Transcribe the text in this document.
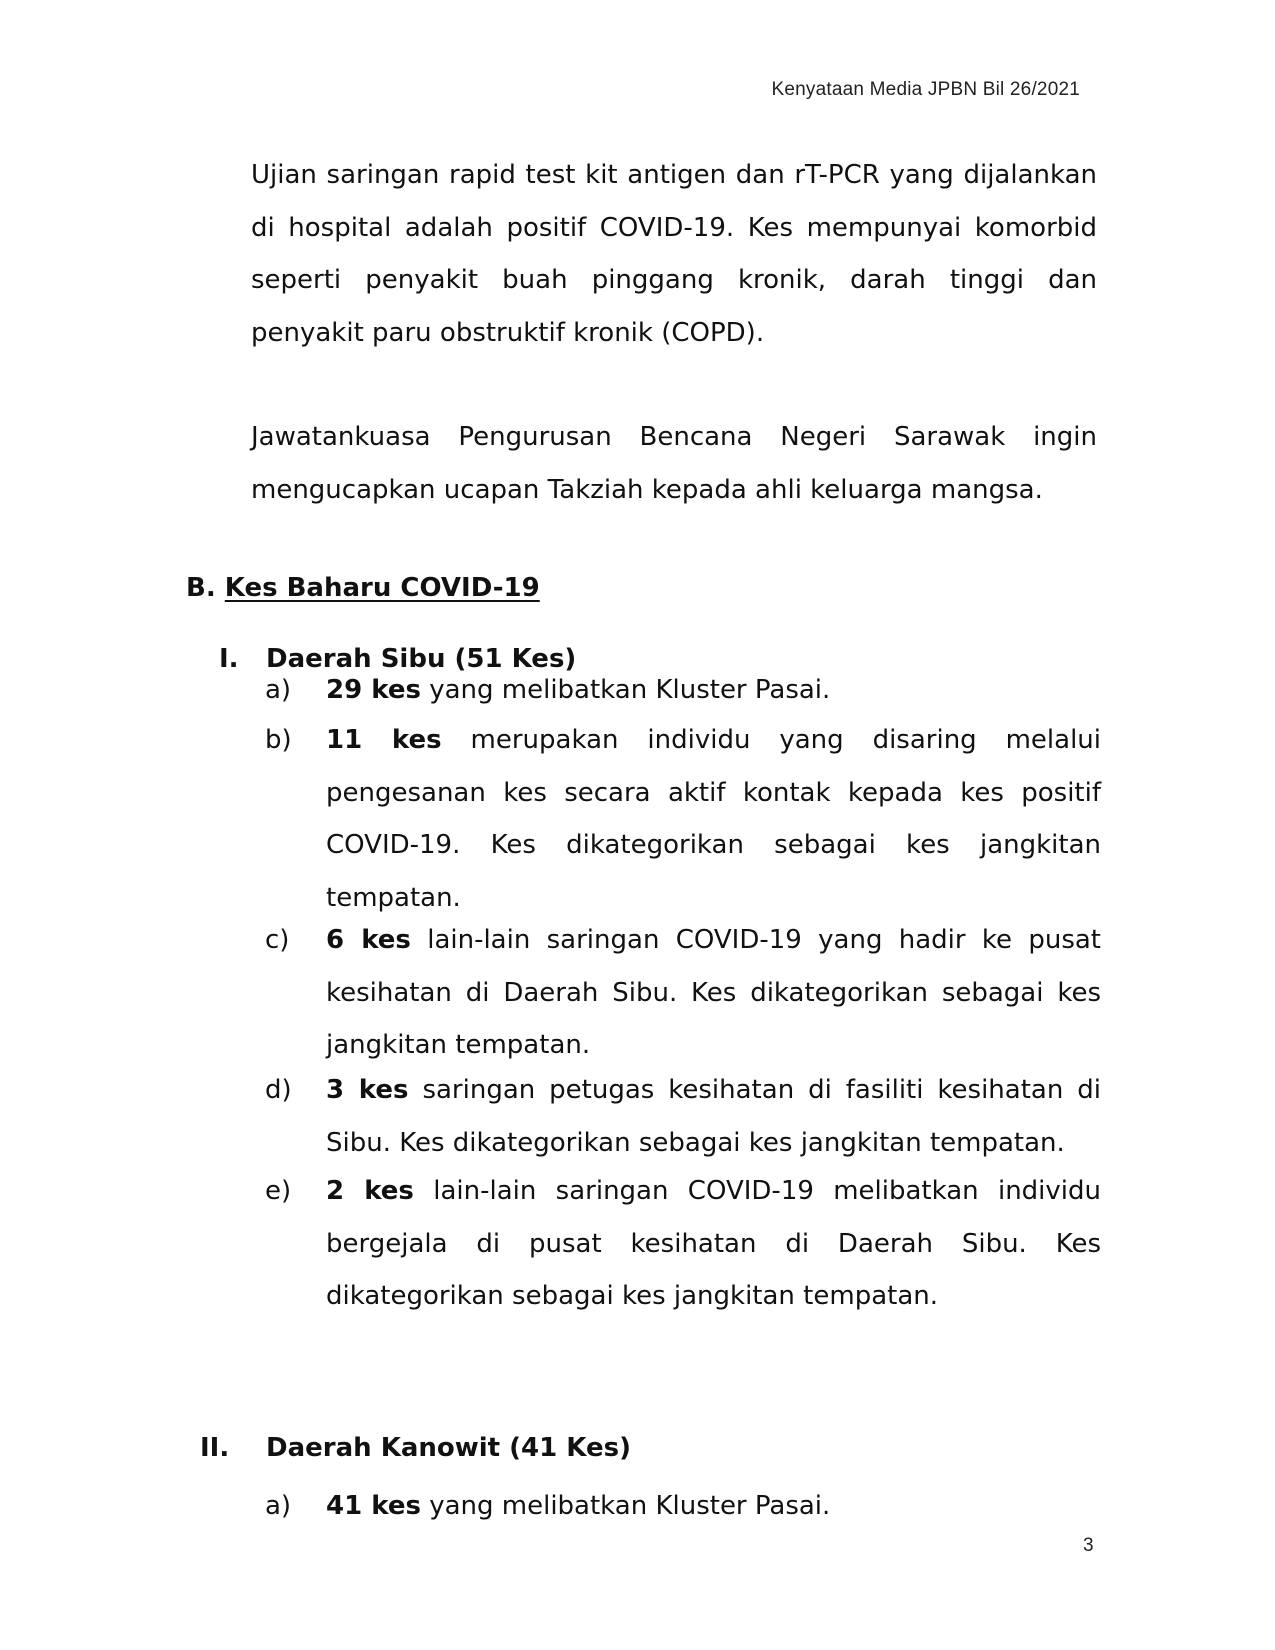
Kenyataan Media JPBN Bil 26/2021

Ujian saringan rapid test kit antigen dan rT-PCR yang dijalankan di hospital adalah positif COVID-19. Kes mempunyai komorbid seperti penyakit buah pinggang kronik, darah tinggi dan penyakit paru obstruktif kronik (COPD).

Jawatankuasa Pengurusan Bencana Negeri Sarawak ingin mengucapkan ucapan Takziah kepada ahli keluarga mangsa.

B. Kes Baharu COVID-19
I. Daerah Sibu (51 Kes)
a) 29 kes yang melibatkan Kluster Pasai.
b) 11 kes merupakan individu yang disaring melalui pengesanan kes secara aktif kontak kepada kes positif COVID-19. Kes dikategorikan sebagai kes jangkitan tempatan.
c) 6 kes lain-lain saringan COVID-19 yang hadir ke pusat kesihatan di Daerah Sibu. Kes dikategorikan sebagai kes jangkitan tempatan.
d) 3 kes saringan petugas kesihatan di fasiliti kesihatan di Sibu. Kes dikategorikan sebagai kes jangkitan tempatan.
e) 2 kes lain-lain saringan COVID-19 melibatkan individu bergejala di pusat kesihatan di Daerah Sibu. Kes dikategorikan sebagai kes jangkitan tempatan.
II. Daerah Kanowit (41 Kes)
a) 41 kes yang melibatkan Kluster Pasai.
3
